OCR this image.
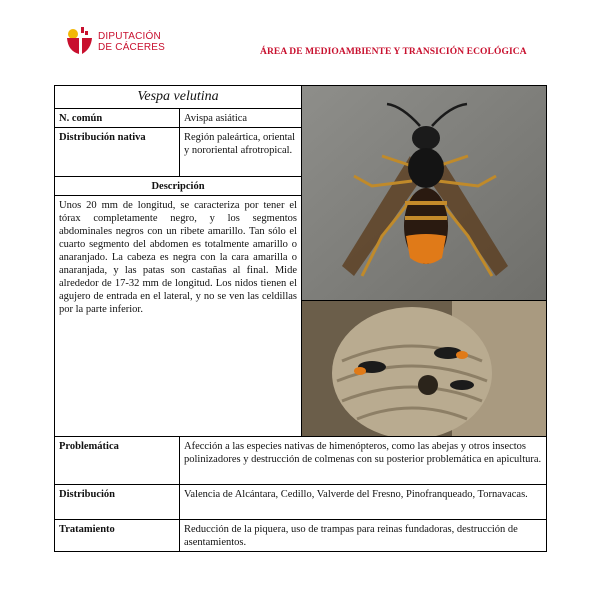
DIPUTACIÓN
DE CÁCERES	ÁREA DE MEDIOAMBIENTE Y TRANSICIÓN ECOLÓGICA
Vespa velutina
N. común	Avispa asiática
Distribución nativa	Región paleártica, oriental y nororiental afrotropical.
Descripción
Unos 20 mm de longitud, se caracteriza por tener el tórax completamente negro, y los segmentos abdominales negros con un ribete amarillo. Tan sólo el cuarto segmento del abdomen es totalmente amarillo o anaranjado. La cabeza es negra con la cara amarilla o anaranjada, y las patas son castañas al final. Mide alrededor de 17-32 mm de longitud. Los nidos tienen el agujero de entrada en el lateral, y no se ven las celdillas por la parte inferior.
Problemática	Afección a las especies nativas de himenópteros, como las abejas y otros insectos polinizadores y destrucción de colmenas con su posterior problemática en apicultura.
Distribución	Valencia de Alcántara, Cedillo, Valverde del Fresno, Pinofranqueado, Tornavacas.
Tratamiento	Reducción de la piquera, uso de trampas para reinas fundadoras, destrucción de asentamientos.
